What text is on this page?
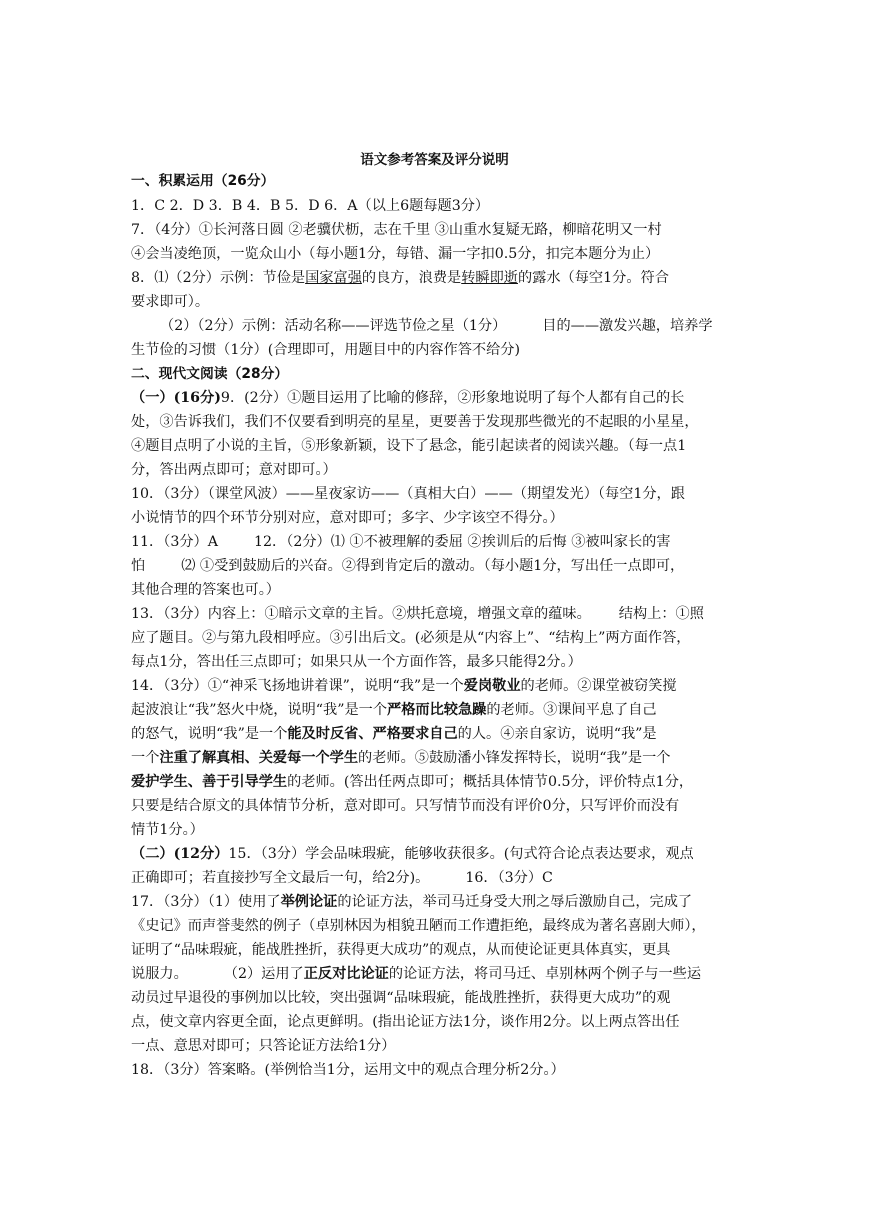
语文参考答案及评分说明
一、积累运用（26分）
1．C 2．D 3．B 4．B 5．D 6．A（以上6题每题3分）
7．（4分）①长河落日圆 ②老骥伏枥，志在千里 ③山重水复疑无路，柳暗花明又一村
④会当凌绝顶，一览众山小（每小题1分，每错、漏一字扣0.5分，扣完本题分为止）
8．⑴（2分）示例：节俭是国家富强的良方，浪费是转瞬即逝的露水（每空1分。符合
要求即可）。
（2）（2分）示例：活动名称——评选节俭之星（1分）	目的——激发兴趣，培养学
生节俭的习惯（1分）(合理即可，用题目中的内容作答不给分)
二、现代文阅读（28分）
（一）(16分)9．(2分）①题目运用了比喻的修辞，②形象地说明了每个人都有自己的长
处，③告诉我们，我们不仅要看到明亮的星星，更要善于发现那些微光的不起眼的小星星，
④题目点明了小说的主旨，⑤形象新颖，设下了悬念，能引起读者的阅读兴趣。（每一点1
分，答出两点即可；意对即可。）
10．（3分）（课堂风波）——星夜家访——（真相大白）——（期望发光）（每空1分，跟
小说情节的四个环节分别对应，意对即可；多字、少字该空不得分。）
11．（3分）A	12．（2分）⑴ ①不被理解的委屈 ②挨训后的后悔 ③被叫家长的害
怕	⑵ ①受到鼓励后的兴奋。②得到肯定后的激动。（每小题1分，写出任一点即可，
其他合理的答案也可。）
13．（3分）内容上：①暗示文章的主旨。②烘托意境，增强文章的蕴味。 结构上：①照
应了题目。②与第九段相呼应。③引出后文。(必须是从“内容上”、“结构上”两方面作答，
每点1分，答出任三点即可；如果只从一个方面作答，最多只能得2分。）
14．（3分）①“神采飞扬地讲着课”，说明“我”是一个爱岗敬业的老师。②课堂被窃笑搅
起波浪让“我”怒火中烧，说明“我”是一个严格而比较急躁的老师。③课间平息了自己
的怒气，说明“我”是一个能及时反省、严格要求自己的人。④亲自家访，说明“我”是
一个注重了解真相、关爱每一个学生的老师。⑤鼓励潘小锋发挥特长，说明“我”是一个
爱护学生、善于引导学生的老师。(答出任两点即可；概括具体情节0.5分，评价特点1分，
只要是结合原文的具体情节分析，意对即可。只写情节而没有评价0分，只写评价而没有
情节1分。）
（二）(12分）15．（3分）学会品味瑕疵，能够收获很多。(句式符合论点表达要求，观点
正确即可；若直接抄写全文最后一句，给2分)。	16．（3分）C
17．（3分）（1）使用了举例论证的论证方法，举司马迁身受大刑之辱后激励自己，完成了
《史记》而声誉斐然的例子（卓别林因为相貌丑陋而工作遭拒绝，最终成为著名喜剧大师），
证明了“品味瑕疵，能战胜挫折，获得更大成功”的观点，从而使论证更具体真实，更具
说服力。	（2）运用了正反对比论证的论证方法，将司马迁、卓别林两个例子与一些运
动员过早退役的事例加以比较，突出强调“品味瑕疵，能战胜挫折，获得更大成功”的观
点，使文章内容更全面，论点更鲜明。(指出论证方法1分，谈作用2分。以上两点答出任
一点、意思对即可；只答论证方法给1分）
18．（3分）答案略。(举例恰当1分，运用文中的观点合理分析2分。）
